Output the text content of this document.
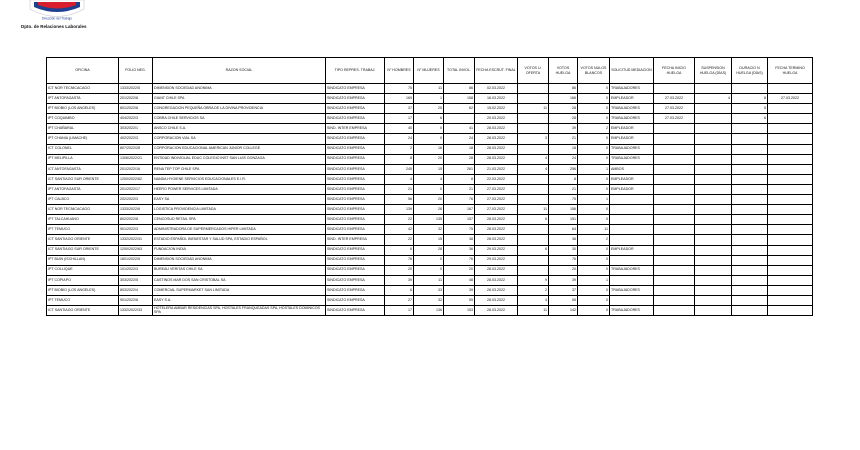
Dirección del Trabajo
Dpto. de Relaciones Laborales
OFICINA	FOLIO NEG.	RAZON SOCIAL	TIPO REPRES. TRABAJ.	N° HOMBRES	N° MUJERES	TOTAL INVOL.	FECHA ESCRUT. FINAL	VOTOS U. OFERTA	VOTOS HUELGA	VOTOS NULOS BLANCOS	SOLICITUD MEDIACION	FECHA INICIO HUELGA	SUSPENSION HUELGA (DÍAS)	DURACIO N HUELGA (DÍAS)	FECHA TERMINO HUELGA
ICT NOR TECNICACAGO	1333/2022/5	DIMENSION SOCIEDAD ANONIMA	SINDICATO EMPRESA	75	11	86	02.03.2022		86	0	TRABAJADORES				
IPT ANTOFAGASTA	201/2022/8	GIANT CHILE SPA	SINDICATO EMPRESA	169	1	158	16.03.2022		166	0	EMPLEADOR	27.03.2022	4	8	27.03.2022
IPT BIOBIO (LOS ANGELES)	801/2022/8	CONGREGACION PEQUEÑA OBRA DE LA DIVINA PROVIDENCIA	SINDICATO EMPRESA	37	25	62	15.02.2022	11	28	0	TRABAJADORES	27.03.2022		5	
IPT COQUIMBO	404/2022/3	COBRA CHILE SERVICIOS SA	SINDICATO EMPRESA	17	6		20.03.2022		28	0	TRABAJADORES	27.03.2022		6	
IPT CHAÑARAL	303/2022/1	ANSCO CHILE S.A.	SIND. INTER EMPRESA	40	0	41	28.03.2022		39	2	EMPLEADOR				
IPT CHANIA (LIMACHE)	402/2022/3	CORPORACION VIAL SA	SINDICATO EMPRESA	24	0	24	28.03.2022	3	21	0	EMPLEADOR				
ICT COLONEL	807/2022/28	CORPORACION EDUCACIONAL AMERICAN JUNIOR COLLEGE	SINDICATO EMPRESA	2	16	18	28.03.2022		18	0	TRABAJADORES				
IPT MELIPILLA	1306/2022/21	ENTIDAD INDIVIDUAL EDUC COLEGIO INST SAN LUIS GONZAGA	SINDICATO EMPRESA	8	20	28	28.03.2022	4	24	0	TRABAJADORES				
ICT ANTOFAGASTA	201/2022/16	RENA TEP TOP CHILE SPA	SINDICATO EMPRESA	245	15	261	21.03.2022	4	256	1	AMBOS				
ICT SANTIAGO SUR ORIENTE	1200/2022/62	NANDA HYGIENE SERVICIOS EDUCACIONALES E.I.R.	SINDICATO EMPRESA	4	4	8	22.03.2022		8	0	EMPLEADOR				
IPT ANTOFAGASTA	201/2022/17	HEERO POWER SERVICES LIMITADA	SINDICATO EMPRESA	21	0	21	27.03.2022		21	0	EMPLEADOR				
IPT CALBCO	202/2022/3	EASY SA	SINDICATO EMPRESA	56	20	76	27.03.2022		75	1					
ICT NOR TECNICACAGO	1333/2022/8	LOGISTICA PROVIDENCIA LIMITADA	SINDICATO EMPRESA	139	28	167	27.03.2022	11	156	0					
IPT TALCAHUANO	802/2022/8	CENCOSUD RETAIL SPA	SINDICATO EMPRESA	22	135	157	28.03.2022	6	151	0					
IPT TEMUCO	901/2022/3	ADMINISTRADORA DE SUPERMERCADOS HIPER LIMITADA	SINDICATO EMPRESA	42	32	75	28.03.2022		64	11					
ICT SANTIAGO ORIENTE	1332/2022/31	ESTADIO ESPAÑOL BIENESTAR Y SALUD SPA, ESTADIO ESPAÑOL	SIND. INTER EMPRESA	22	15	38	28.03.2022		36	2					
ICT SANTIAGO SUR ORIENTE	1200/2022/63	FUNDACION INDIA	SINDICATO EMPRESA	6	28	36	29.03.2022	6	30	0	EMPLEADOR				
IPT BUIN (ISCHILLAN)	1601/2022/5	DIMENSION SOCIEDAD ANONIMA	SINDICATO EMPRESA	76	0	76	29.03.2022		76	0					
IPT COLLIQUE	101/2022/3	BUREAU VERITAS CHILE SA	SINDICATO EMPRESA	20	0	20	28.03.2022		20	0	TRABAJADORES				
IPT COPIAPO	303/2022/5	CASTINOS MAR DOS SAN CRISTOBAL SA	SINDICATO EMPRESA	39	11	48	28.03.2022	9	39	1					
IPT BIOBIO (LOS ANGELES)	803/2022/4	COMERCIAL SUPERMARKET SAN LIMITADA	SINDICATO EMPRESA	6	33	39	28.03.2022	2	37	0	TRABAJADORES				
IPT TEMUCO	901/2022/8	EASY S.A.	SINDICATO EMPRESA	27	32	59	28.03.2022	4	55	0					
ICT SANTIAGO ORIENTE	1332/2022/33	HOTELERA AMBAR RESIDENCIAS SPA, HOSTALES FRANQUEADAS SPA, HOSTALES DOMINICOS SPA	SINDICATO EMPRESA	17	136	153	28.03.2022	11	142	0	TRABAJADORES				
